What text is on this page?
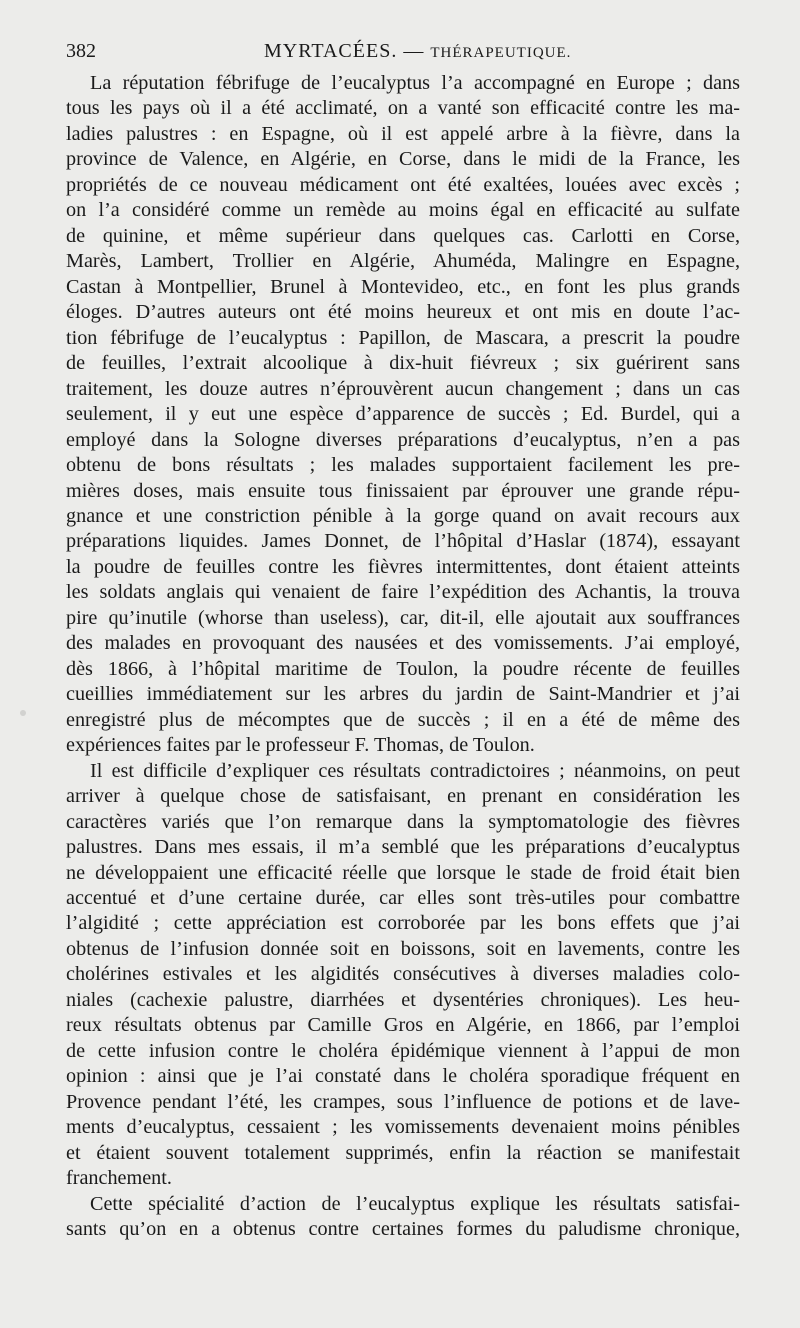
382	MYRTACÉES. — THÉRAPEUTIQUE.
La réputation fébrifuge de l’eucalyptus l’a accompagné en Europe ; dans
tous les pays où il a été acclimaté, on a vanté son efficacité contre les ma-
ladies palustres : en Espagne, où il est appelé arbre à la fièvre, dans la
province de Valence, en Algérie, en Corse, dans le midi de la France, les
propriétés de ce nouveau médicament ont été exaltées, louées avec excès ;
on l’a considéré comme un remède au moins égal en efficacité au sulfate
de quinine, et même supérieur dans quelques cas. Carlotti en Corse,
Marès, Lambert, Trollier en Algérie, Ahuméda, Malingre en Espagne,
Castan à Montpellier, Brunel à Montevideo, etc., en font les plus grands
éloges. D’autres auteurs ont été moins heureux et ont mis en doute l’ac-
tion fébrifuge de l’eucalyptus : Papillon, de Mascara, a prescrit la poudre
de feuilles, l’extrait alcoolique à dix-huit fiévreux ; six guérirent sans
traitement, les douze autres n’éprouvèrent aucun changement ; dans un cas
seulement, il y eut une espèce d’apparence de succès ; Ed. Burdel, qui a
employé dans la Sologne diverses préparations d’eucalyptus, n’en a pas
obtenu de bons résultats ; les malades supportaient facilement les pre-
mières doses, mais ensuite tous finissaient par éprouver une grande répu-
gnance et une constriction pénible à la gorge quand on avait recours aux
préparations liquides. James Donnet, de l’hôpital d’Haslar (1874), essayant
la poudre de feuilles contre les fièvres intermittentes, dont étaient atteints
les soldats anglais qui venaient de faire l’expédition des Achantis, la trouva
pire qu’inutile (whorse than useless), car, dit-il, elle ajoutait aux souffrances
des malades en provoquant des nausées et des vomissements. J’ai employé,
dès 1866, à l’hôpital maritime de Toulon, la poudre récente de feuilles
cueillies immédiatement sur les arbres du jardin de Saint-Mandrier et j’ai
enregistré plus de mécomptes que de succès ; il en a été de même des
expériences faites par le professeur F. Thomas, de Toulon.
Il est difficile d’expliquer ces résultats contradictoires ; néanmoins, on peut
arriver à quelque chose de satisfaisant, en prenant en considération les
caractères variés que l’on remarque dans la symptomatologie des fièvres
palustres. Dans mes essais, il m’a semblé que les préparations d’eucalyptus
ne développaient une efficacité réelle que lorsque le stade de froid était bien
accentué et d’une certaine durée, car elles sont très-utiles pour combattre
l’algidité ; cette appréciation est corroborée par les bons effets que j’ai
obtenus de l’infusion donnée soit en boissons, soit en lavements, contre les
cholérines estivales et les algidités consécutives à diverses maladies colo-
niales (cachexie palustre, diarrhées et dysentéries chroniques). Les heu-
reux résultats obtenus par Camille Gros en Algérie, en 1866, par l’emploi
de cette infusion contre le choléra épidémique viennent à l’appui de mon
opinion : ainsi que je l’ai constaté dans le choléra sporadique fréquent en
Provence pendant l’été, les crampes, sous l’influence de potions et de lave-
ments d’eucalyptus, cessaient ; les vomissements devenaient moins pénibles
et étaient souvent totalement supprimés, enfin la réaction se manifestait
franchement.
Cette spécialité d’action de l’eucalyptus explique les résultats satisfai-
sants qu’on en a obtenus contre certaines formes du paludisme chronique,
